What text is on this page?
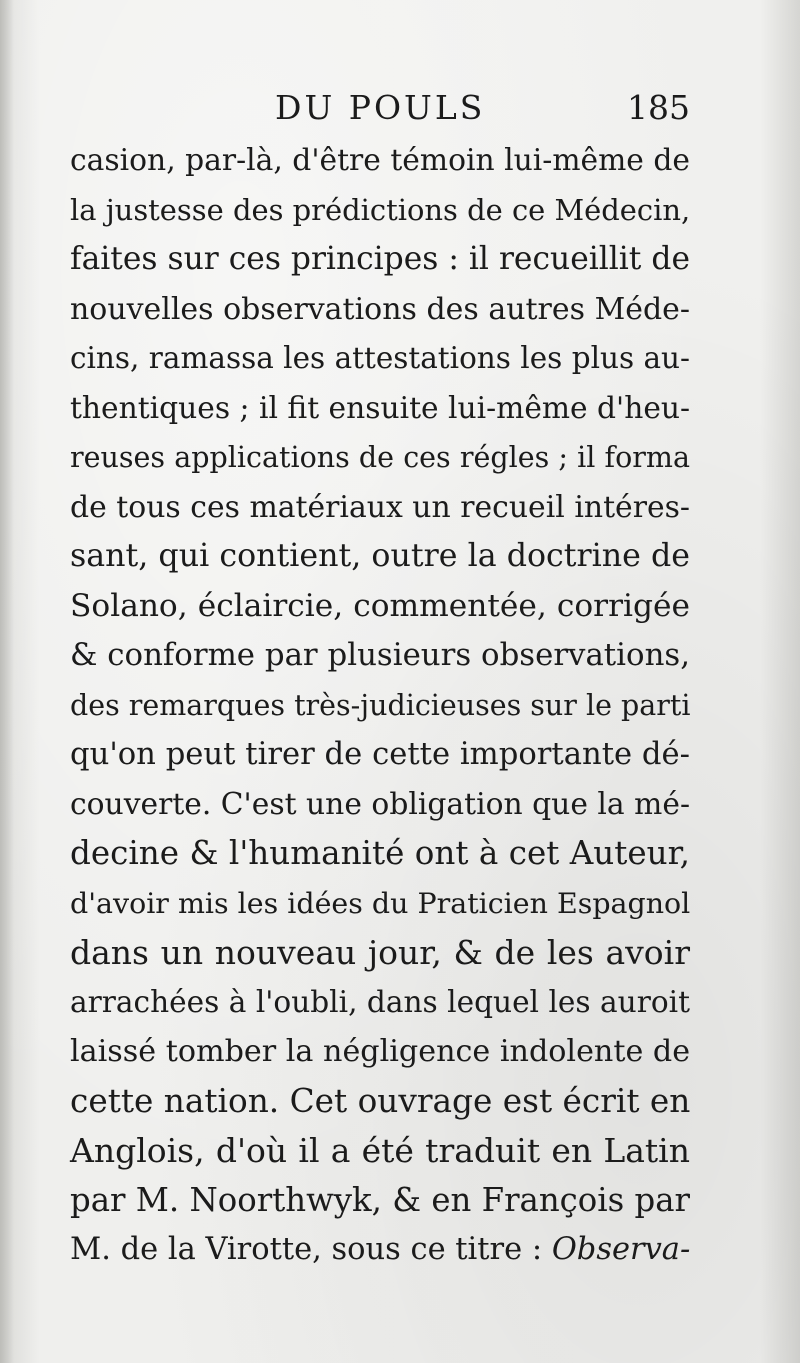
DU POULS	185
casion, par-là, d'être témoin lui-même de
la justesse des prédictions de ce Médecin,
faites sur ces principes : il recueillit de
nouvelles observations des autres Méde-
cins, ramassa les attestations les plus au-
thentiques ; il fit ensuite lui-même d'heu-
reuses applications de ces régles ; il forma
de tous ces matériaux un recueil intéres-
sant, qui contient, outre la doctrine de
Solano, éclaircie, commentée, corrigée
& conforme par plusieurs observations,
des remarques très-judicieuses sur le parti
qu'on peut tirer de cette importante dé-
couverte. C'est une obligation que la mé-
decine & l'humanité ont à cet Auteur,
d'avoir mis les idées du Praticien Espagnol
dans un nouveau jour, & de les avoir
arrachées à l'oubli, dans lequel les auroit
laissé tomber la négligence indolente de
cette nation. Cet ouvrage est écrit en
Anglois, d'où il a été traduit en Latin
par M. Noorthwyk, & en François par
M. de la Virotte, sous ce titre : Observa-
